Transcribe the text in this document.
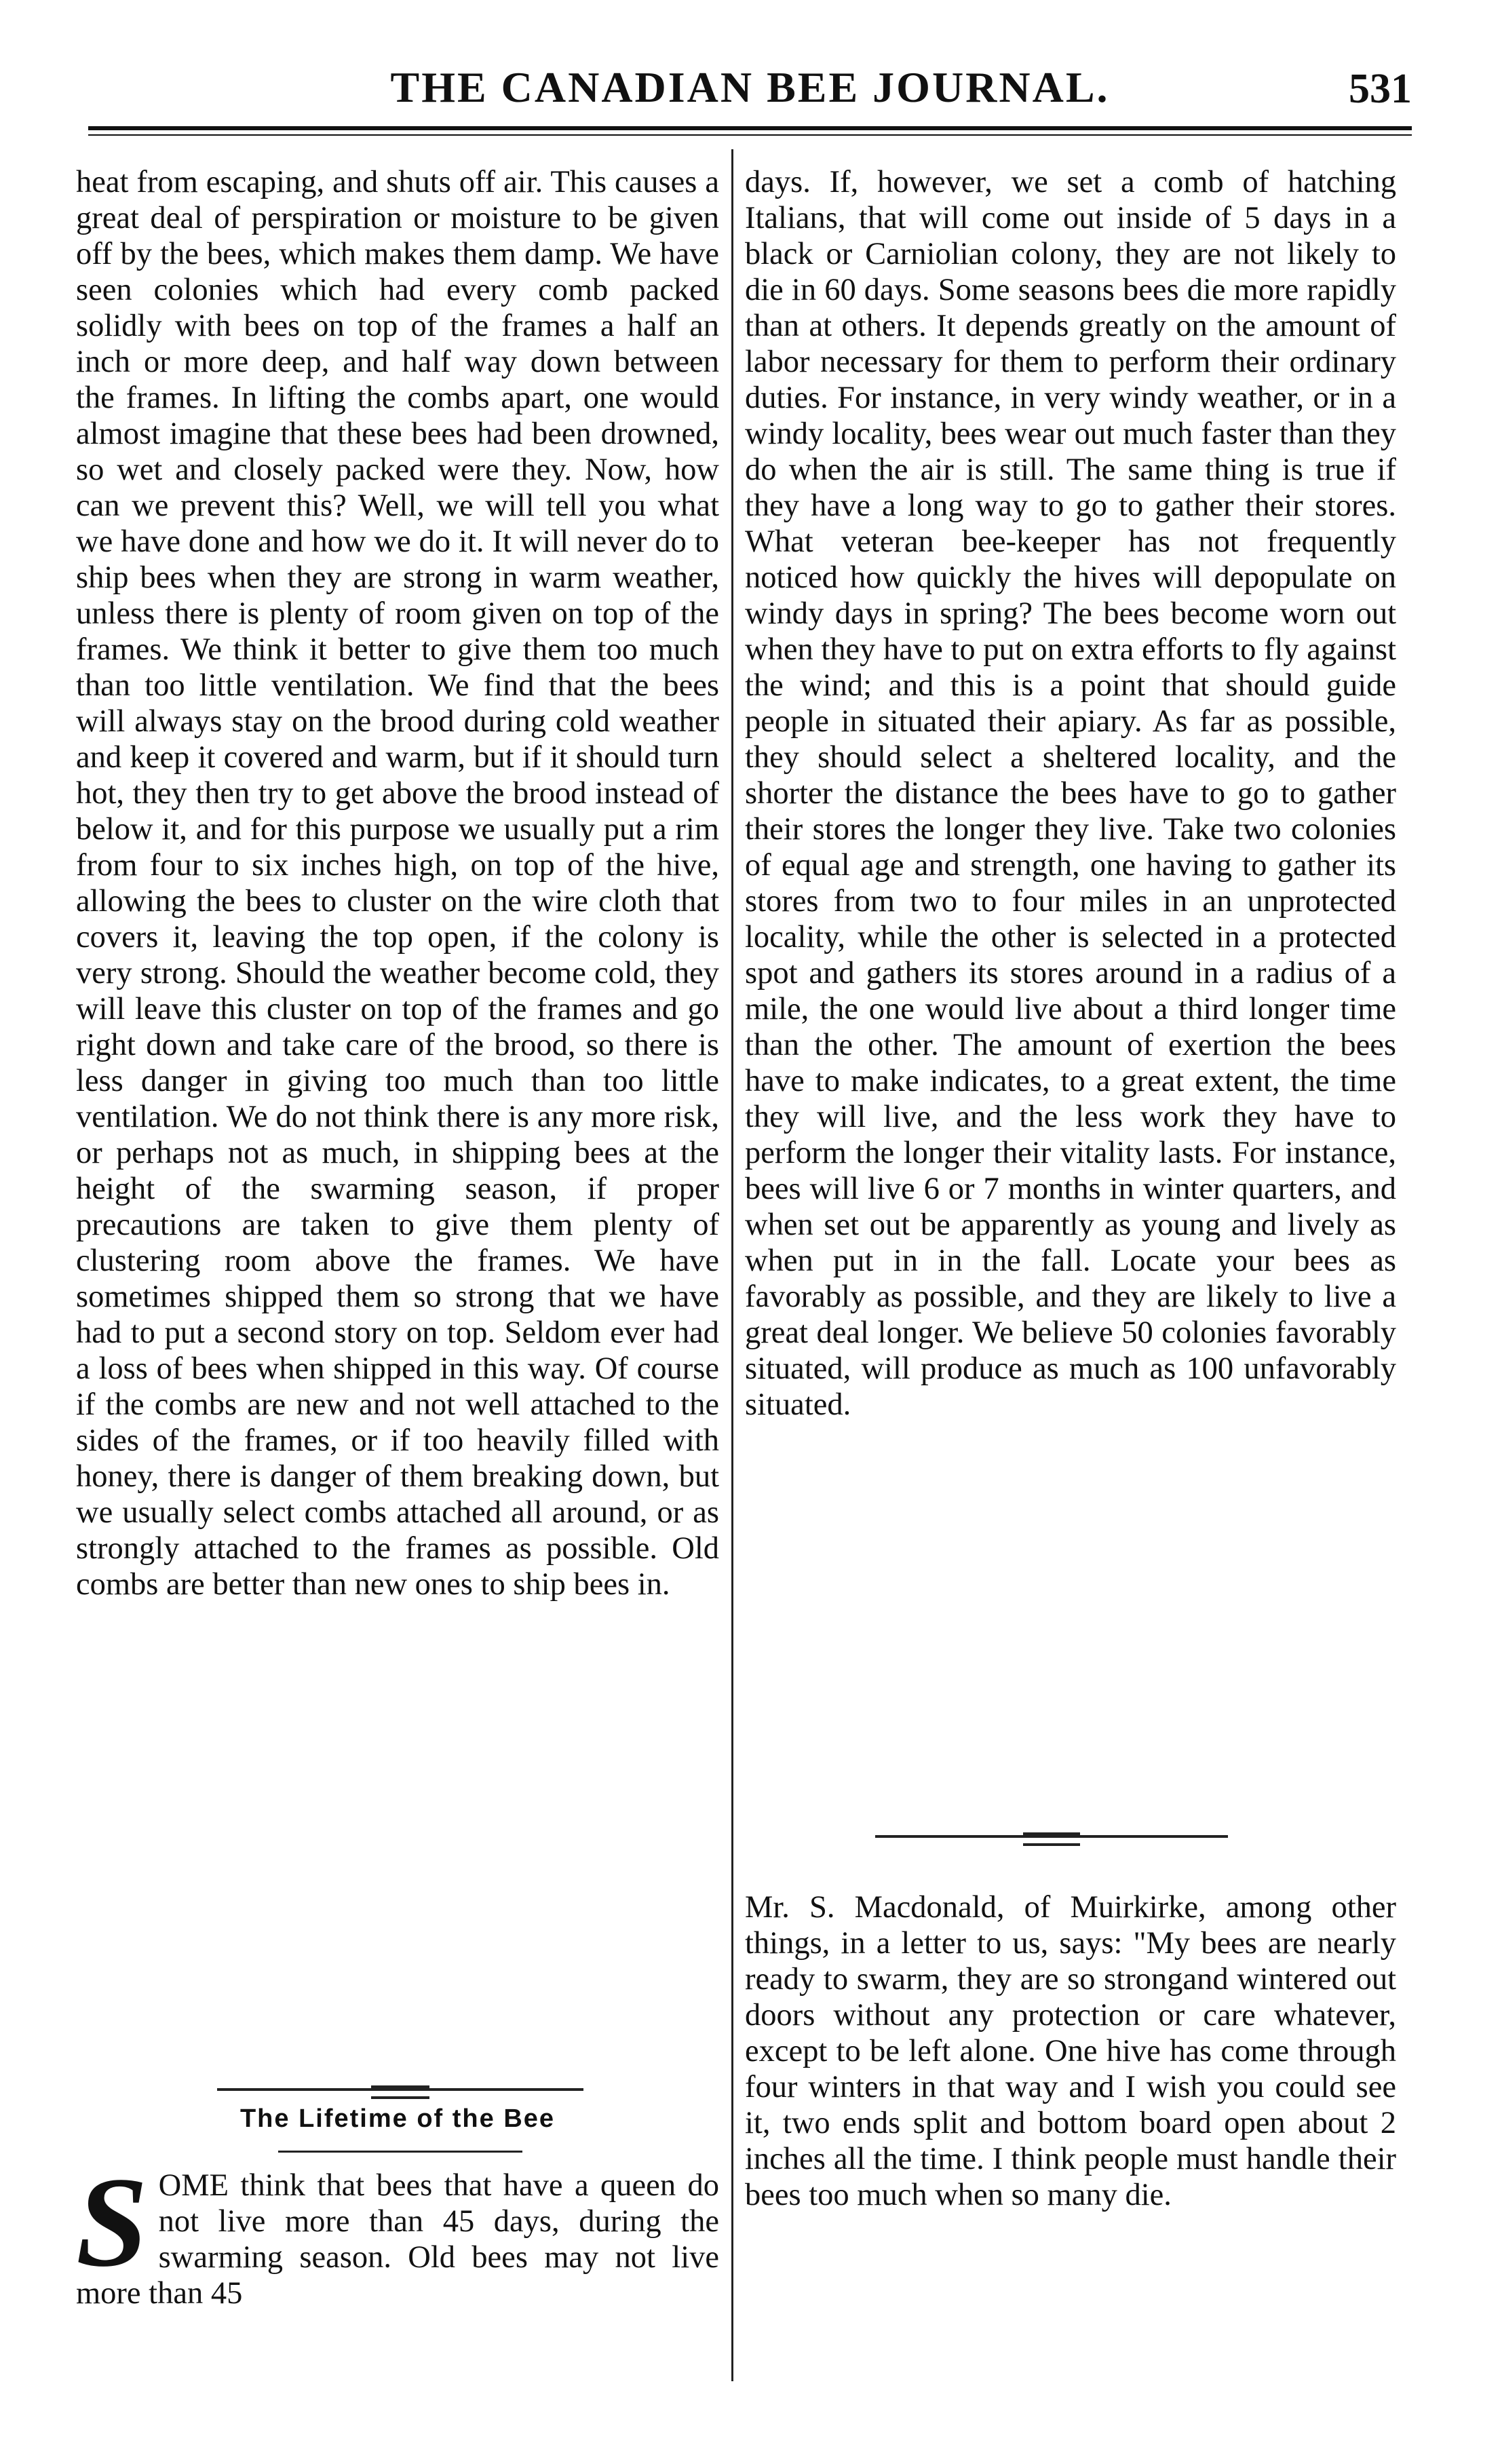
THE CANADIAN BEE JOURNAL.	531

heat from escaping, and shuts off air. This causes a great deal of perspiration or moisture to be given off by the bees, which makes them damp. We have seen colonies which had every comb packed solidly with bees on top of the frames a half an inch or more deep, and half way down between the frames. In lifting the combs apart, one would almost imagine that these bees had been drowned, so wet and closely packed were they. Now, how can we prevent this? Well, we will tell you what we have done and how we do it. It will never do to ship bees when they are strong in warm weather, unless there is plenty of room given on top of the frames. We think it better to give them too much than too little ventilation. We find that the bees will always stay on the brood during cold weather and keep it covered and warm, but if it should turn hot, they then try to get above the brood instead of below it, and for this purpose we usually put a rim from four to six inches high, on top of the hive, allowing the bees to cluster on the wire cloth that covers it, leaving the top open, if the colony is very strong. Should the weather become cold, they will leave this cluster on top of the frames and go right down and take care of the brood, so there is less danger in giving too much than too little ventilation. We do not think there is any more risk, or perhaps not as much, in shipping bees at the height of the swarming season, if proper precautions are taken to give them plenty of clustering room above the frames. We have sometimes shipped them so strong that we have had to put a second story on top. Seldom ever had a loss of bees when shipped in this way. Of course if the combs are new and not well attached to the sides of the frames, or if too heavily filled with honey, there is danger of them breaking down, but we usually select combs attached all around, or as strongly attached to the frames as possible. Old combs are better than new ones to ship bees in.

The Lifetime of the Bee
S OME think that bees that have a queen do not live more than 45 days, during the swarming season. Old bees may not live more than 45

days. If, however, we set a comb of hatching Italians, that will come out inside of 5 days in a black or Carniolian colony, they are not likely to die in 60 days. Some seasons bees die more rapidly than at others. It depends greatly on the amount of labor necessary for them to perform their ordinary duties. For instance, in very windy weather, or in a windy locality, bees wear out much faster than they do when the air is still. The same thing is true if they have a long way to go to gather their stores. What veteran bee-keeper has not frequently noticed how quickly the hives will depopulate on windy days in spring? The bees become worn out when they have to put on extra efforts to fly against the wind; and this is a point that should guide people in situated their apiary. As far as possible, they should select a sheltered locality, and the shorter the distance the bees have to go to gather their stores the longer they live. Take two colonies of equal age and strength, one having to gather its stores from two to four miles in an unprotected locality, while the other is selected in a protected spot and gathers its stores around in a radius of a mile, the one would live about a third longer time than the other. The amount of exertion the bees have to make indicates, to a great extent, the time they will live, and the less work they have to perform the longer their vitality lasts. For instance, bees will live 6 or 7 months in winter quarters, and when set out be apparently as young and lively as when put in in the fall. Locate your bees as favorably as possible, and they are likely to live a great deal longer. We believe 50 colonies favorably situated, will produce as much as 100 unfavorably situated.

Mr. S. Macdonald, of Muirkirke, among other things, in a letter to us, says: "My bees are nearly ready to swarm, they are so strongand wintered out doors without any protection or care whatever, except to be left alone. One hive has come through four winters in that way and I wish you could see it, two ends split and bottom board open about 2 inches all the time. I think people must handle their bees too much when so many die.
